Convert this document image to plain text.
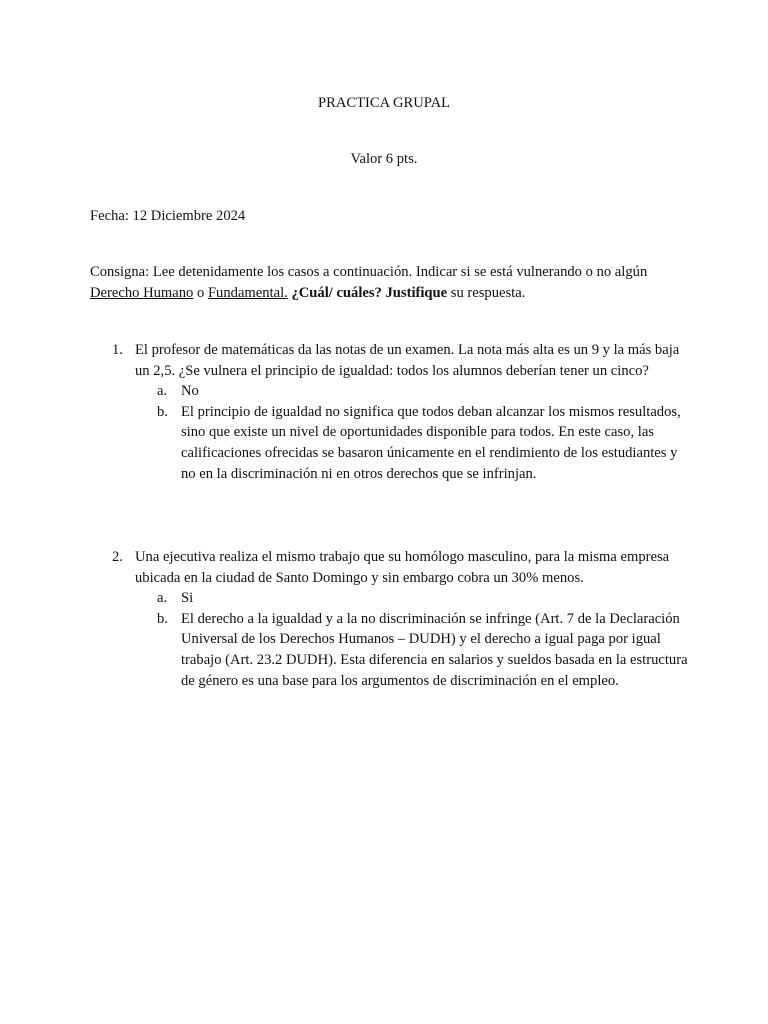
PRACTICA GRUPAL
Valor 6 pts.
Fecha: 12 Diciembre 2024
Consigna: Lee detenidamente los casos a continuación. Indicar si se está vulnerando o no algún
Derecho Humano o Fundamental. ¿Cuál/ cuáles? Justifique su respuesta.
1. El profesor de matemáticas da las notas de un examen. La nota más alta es un 9 y la más baja un 2,5. ¿Se vulnera el principio de igualdad: todos los alumnos deberían tener un cinco?
a. No
b. El principio de igualdad no significa que todos deban alcanzar los mismos resultados, sino que existe un nivel de oportunidades disponible para todos. En este caso, las calificaciones ofrecidas se basaron únicamente en el rendimiento de los estudiantes y no en la discriminación ni en otros derechos que se infrinjan.
2. Una ejecutiva realiza el mismo trabajo que su homólogo masculino, para la misma empresa ubicada en la ciudad de Santo Domingo y sin embargo cobra un 30% menos.
a. Si
b. El derecho a la igualdad y a la no discriminación se infringe (Art. 7 de la Declaración Universal de los Derechos Humanos – DUDH) y el derecho a igual paga por igual trabajo (Art. 23.2 DUDH). Esta diferencia en salarios y sueldos basada en la estructura de género es una base para los argumentos de discriminación en el empleo.
